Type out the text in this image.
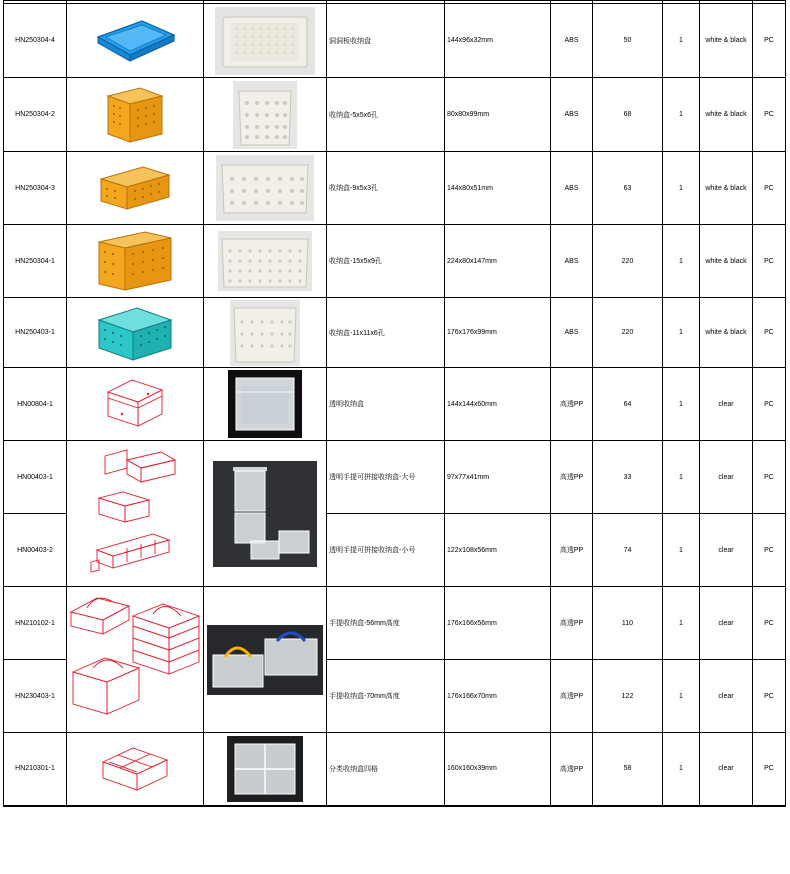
HN250304-4			洞洞板收纳盘	144x96x32mm	ABS	50	1	white & black	PC
HN250304-2			收纳盒-5x5x6孔	80x80x99mm	ABS	68	1	white & black	PC
HN250304-3			收纳盒-9x5x3孔	144x80x51mm	ABS	63	1	white & black	PC
HN250304-1			收纳盒-15x5x9孔	224x80x147mm	ABS	220	1	white & black	PC
HN250403-1			收纳盒-11x11x6孔	176x176x99mm	ABS	220	1	white & black	PC
HN00804-1			透明收纳盒	144x144x60mm	高透PP	64	1	clear	PC
HN00403-1			透明手提可拼接收纳盒-大号	97x77x41mm	高透PP	33	1	clear	PC
HN00403-2			透明手提可拼接收纳盒-小号	122x108x56mm	高透PP	74	1	clear	PC
HN210102-1			手提收纳盒-56mm高度	176x166x56mm	高透PP	110	1	clear	PC
HN230403-1			手提收纳盒-70mm高度	176x166x70mm	高透PP	122	1	clear	PC
HN210301-1			分类收纳盒四格	160x160x39mm	高透PP	58	1	clear	PC
